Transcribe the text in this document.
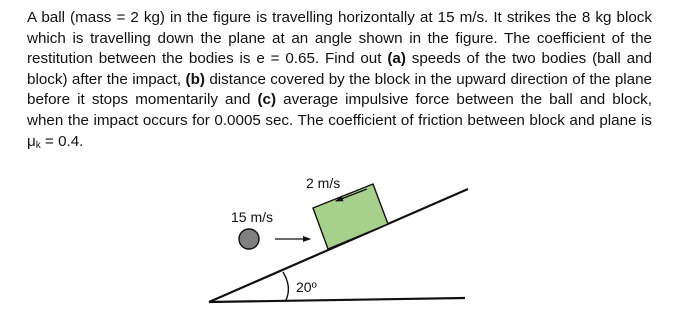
A ball (mass = 2 kg) in the figure is travelling horizontally at 15 m/s. It strikes the 8 kg block which is travelling down the plane at an angle shown in the figure. The coefficient of the restitution between the bodies is e = 0.65. Find out (a) speeds of the two bodies (ball and block) after the impact, (b) distance covered by the block in the upward direction of the plane before it stops momentarily and (c) average impulsive force between the ball and block, when the impact occurs for 0.0005 sec. The coefficient of friction between block and plane is $\mu_k = 0.4$.

20º
2 m/s
15 m/s
